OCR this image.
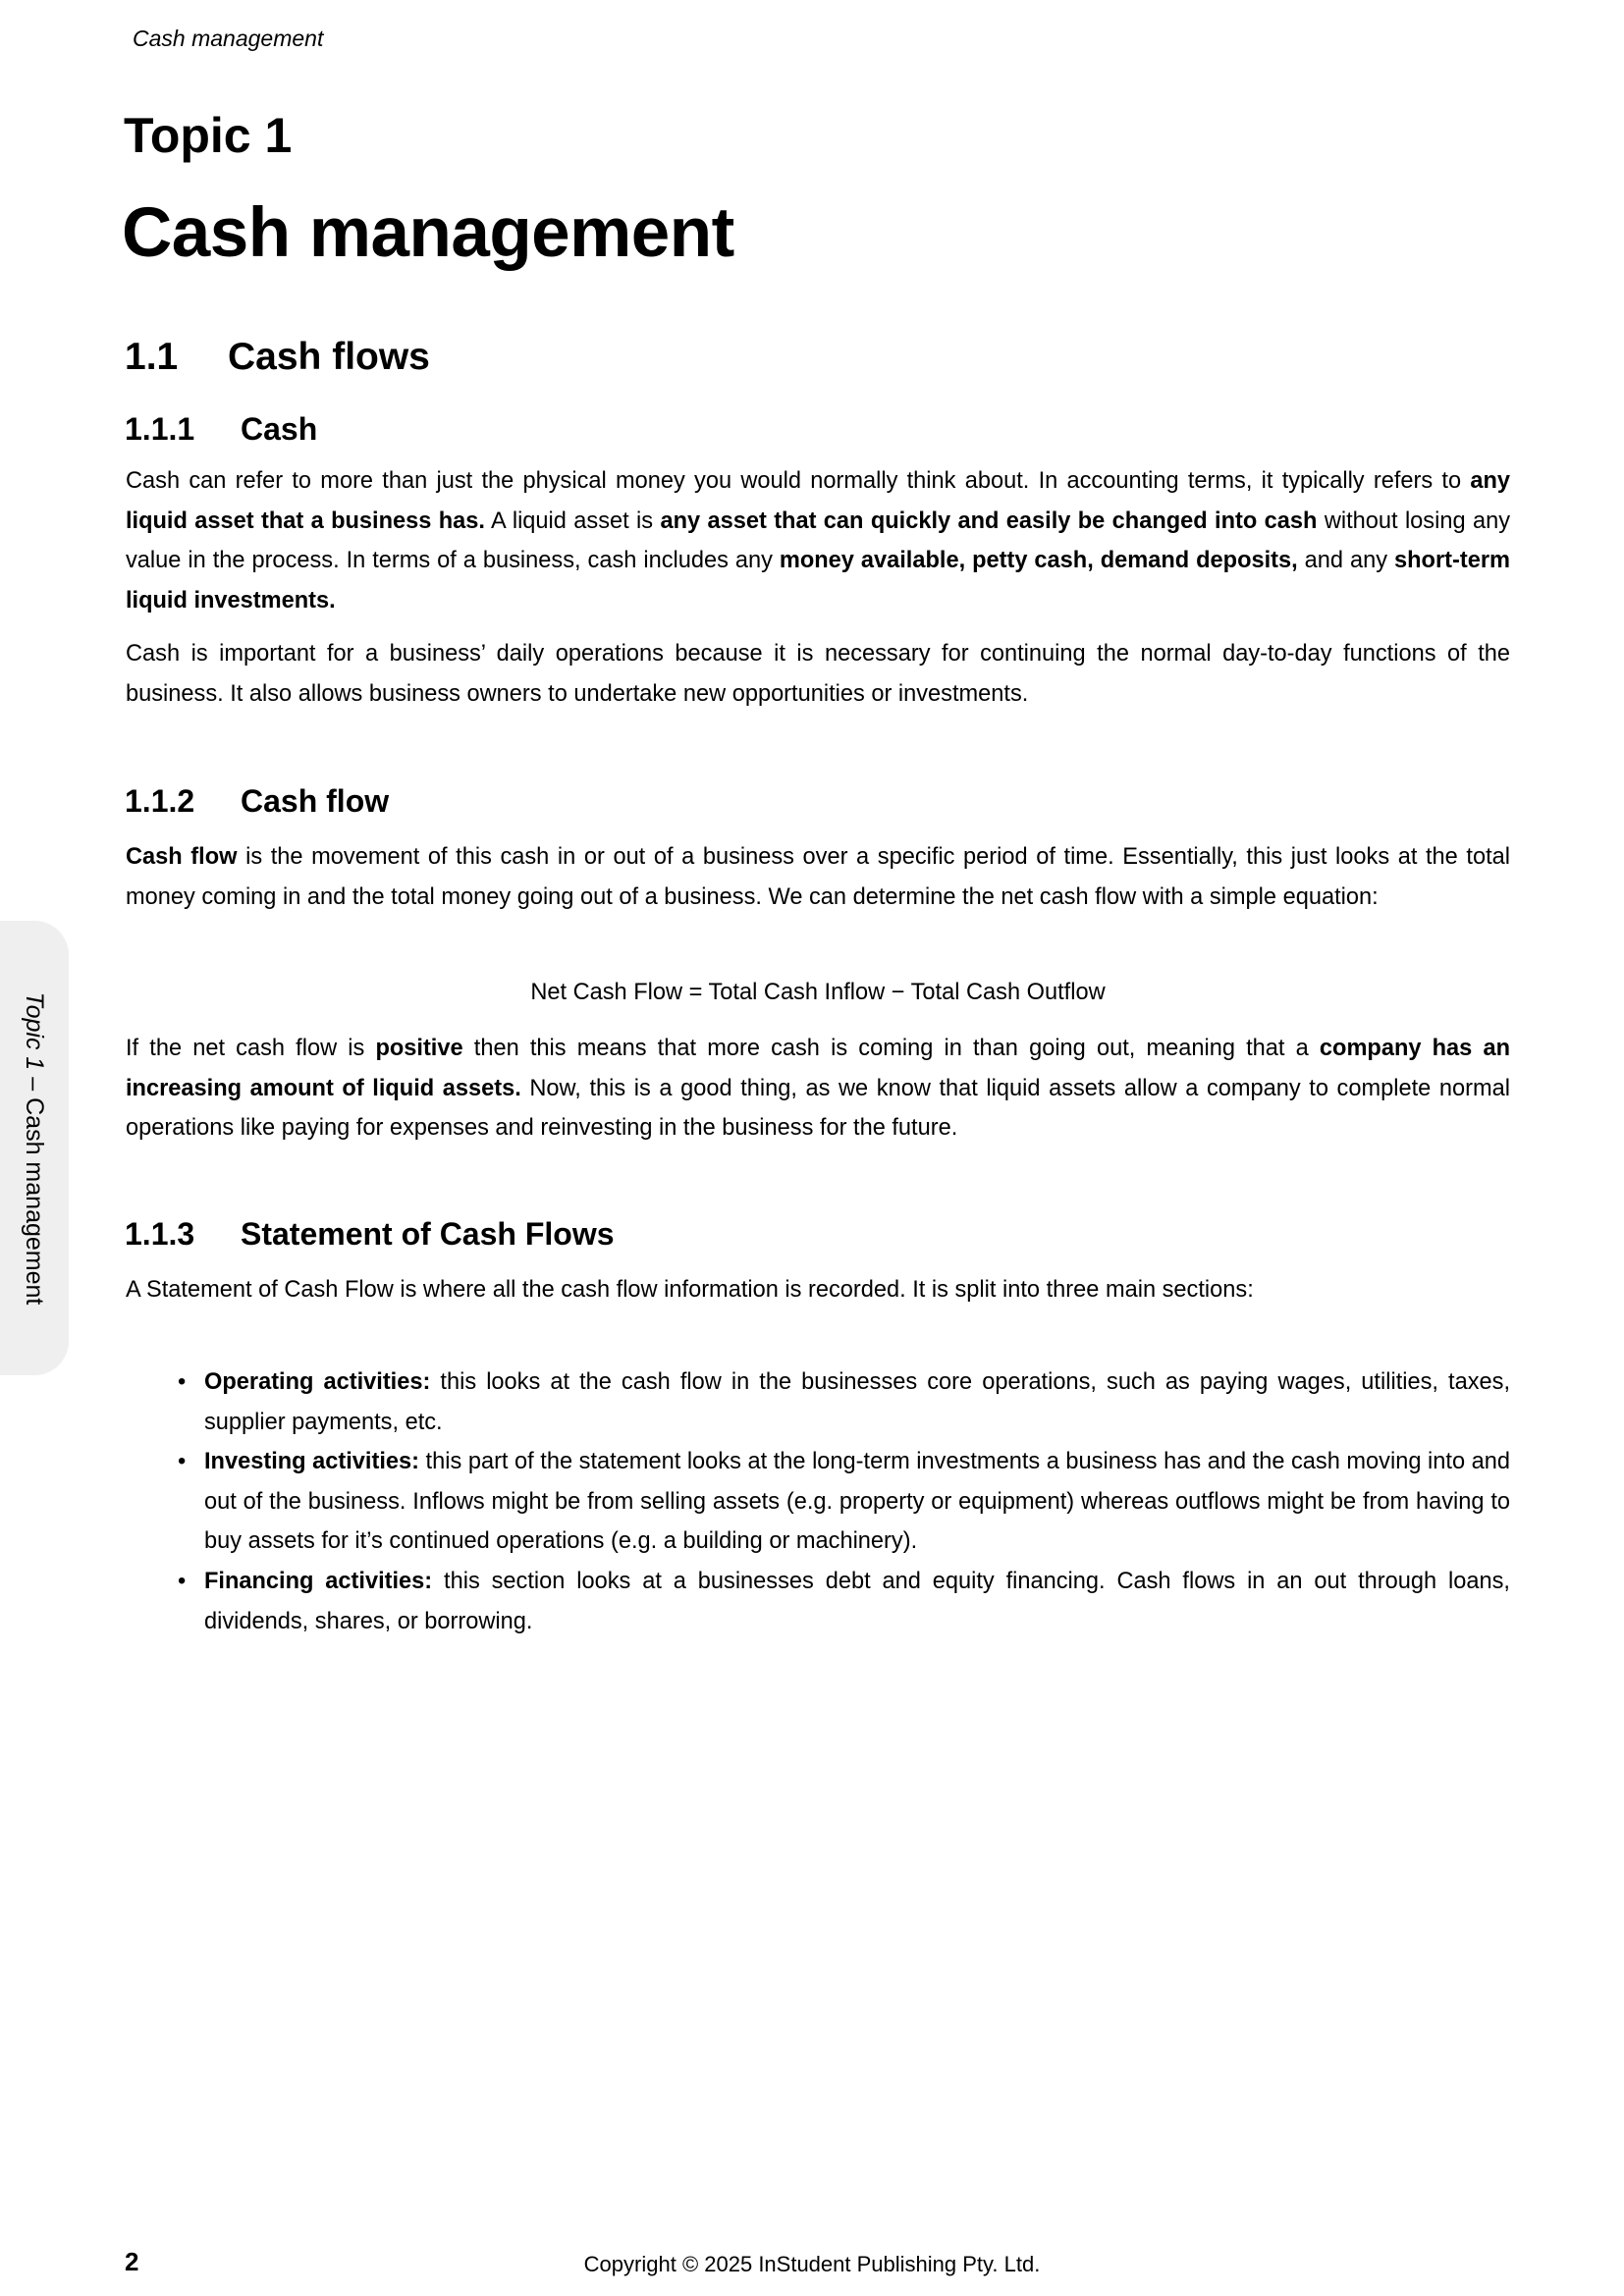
Cash management
Topic 1
Cash management
1.1 Cash flows
1.1.1 Cash

Cash can refer to more than just the physical money you would normally think about. In accounting terms, it typically refers to any liquid asset that a business has. A liquid asset is any asset that can quickly and easily be changed into cash without losing any value in the process. In terms of a business, cash includes any money available, petty cash, demand deposits, and any short-term liquid investments.

Cash is important for a business’ daily operations because it is necessary for continuing the normal day-to-day functions of the business. It also allows business owners to undertake new opportunities or investments.

1.1.2 Cash flow

Cash flow is the movement of this cash in or out of a business over a specific period of time. Essentially, this just looks at the total money coming in and the total money going out of a business. We can determine the net cash flow with a simple equation:

Net Cash Flow = Total Cash Inflow − Total Cash Outflow

If the net cash flow is positive then this means that more cash is coming in than going out, meaning that a company has an increasing amount of liquid assets. Now, this is a good thing, as we know that liquid assets allow a company to complete normal operations like paying for expenses and reinvesting in the business for the future.

1.1.3 Statement of Cash Flows

A Statement of Cash Flow is where all the cash flow information is recorded. It is split into three main sections:

• Operating activities: this looks at the cash flow in the businesses core operations, such as paying wages, utilities, taxes, supplier payments, etc.
• Investing activities: this part of the statement looks at the long-term investments a business has and the cash moving into and out of the business. Inflows might be from selling assets (e.g. property or equipment) whereas outflows might be from having to buy assets for it’s continued operations (e.g. a building or machinery).
• Financing activities: this section looks at a businesses debt and equity financing. Cash flows in an out through loans, dividends, shares, or borrowing.
Topic 1 – Cash management
2	Copyright © 2025 InStudent Publishing Pty. Ltd.
